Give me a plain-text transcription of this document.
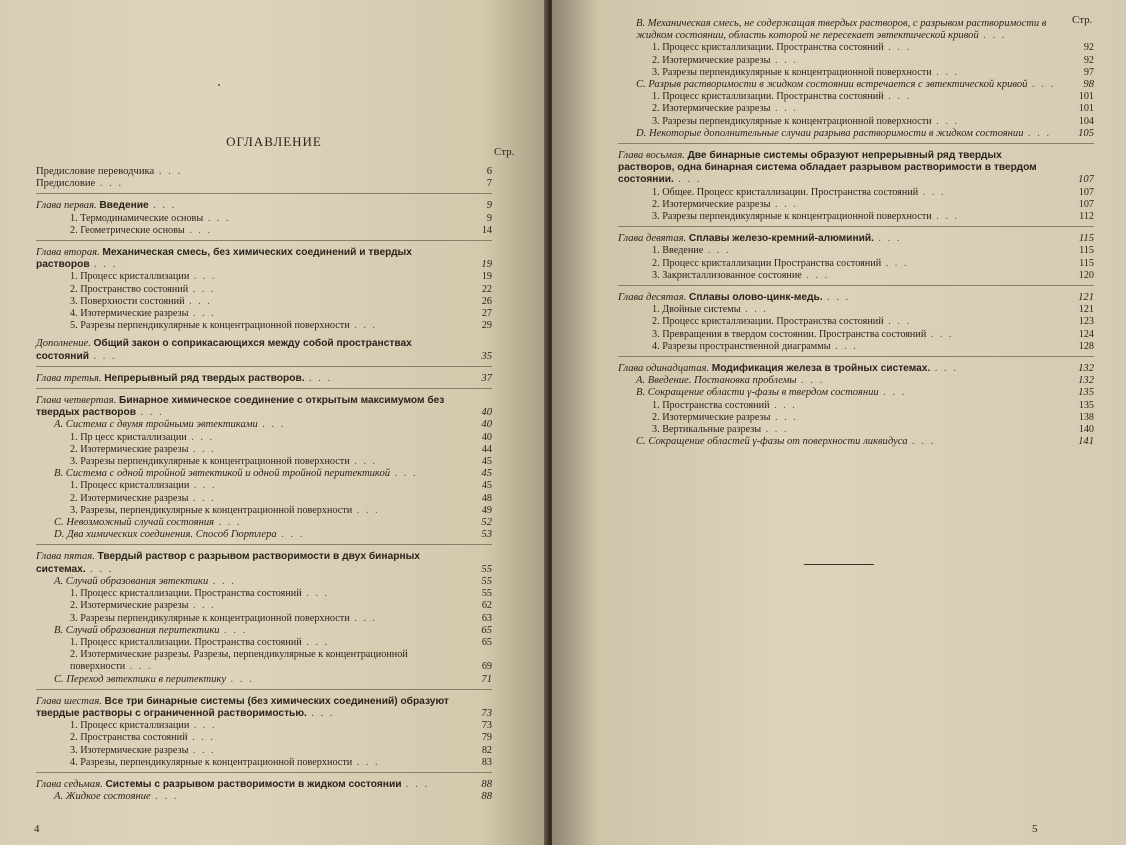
ОГЛАВЛЕНИЕ
Стр.
Предисловие переводчика . . .	6
Предисловие . . .	7
Глава первая. Введение . . .	9
1. Термодинамические основы . . .	9
2. Геометрические основы . . .	14
Глава вторая. Механическая смесь, без химических соединений и твердых растворов . . .	19
1. Процесс кристаллизации . . .	19
2. Пространство состояний . . .	22
3. Поверхности состояний . . .	26
4. Изотермические разрезы . . .	27
5. Разрезы перпендикулярные к концентрационной поверхности . . .	29
Дополнение. Общий закон о соприкасающихся между собой пространствах состояний . . .	35
Глава третья. Непрерывный ряд твердых растворов. . . .	37
Глава четвертая. Бинарное химическое соединение с открытым максимумом без твердых растворов . . .	40
А. Система с двумя тройными эвтектиками . . .	40
1. Пр цесс кристаллизации . . .	40
2. Изотермические разрезы . . .	44
3. Разрезы перпендикулярные к концентрационной поверхности . . .	45
В. Система с одной тройной эвтектикой и одной тройной перитектикой . . .	45
1. Процесс кристаллизации . . .	45
2. Изотермические разрезы . . .	48
3. Разрезы, перпендикулярные к концентрационной поверхности . . .	49
С. Невозможный случай состояния . . .	52
D. Два химических соединения. Способ Гюртлера . . .	53
Глава пятая. Твердый раствор с разрывом растворимости в двух бинарных системах. . . .	55
А. Случай образования эвтектики . . .	55
1. Процесс кристаллизации. Пространства состояний . . .	55
2. Изотермические разрезы . . .	62
3. Разрезы перпендикулярные к концентрационной поверхности . . .	63
В. Случай образования перитектики . . .	65
1. Процесс кристаллизации. Пространства состояний . . .	65
2. Изотермические разрезы. Разрезы, перпендикулярные к концентрационной поверхности . . .	69
С. Переход эвтектики в перитектику . . .	71
Глава шестая. Все три бинарные системы (без химических соединений) образуют твердые растворы с ограниченной растворимостью. . . .	73
1. Процесс кристаллизации . . .	73
2. Пространства состояний . . .	79
3. Изотермические разрезы . . .	82
4. Разрезы, перпендикулярные к концентрационной поверхности . . .	83
Глава седьмая. Системы с разрывом растворимости в жидком состоянии . . .	88
А. Жидкое состояние . . .	88
4
Стр.
В. Механическая смесь, не содержащая твердых растворов, с разрывом растворимости в жидком состоянии, область которой не пересекает эвтектической кривой . . .
1. Процесс кристаллизации. Пространства состояний . . .	92
2. Изотермические разрезы . . .	92
3. Разрезы перпендикулярные к концентрационной поверхности . . .	97
С. Разрыв растворимости в жидком состоянии встречается с эвтектической кривой . . .	98
1. Процесс кристаллизации. Пространства состояний . . .	101
2. Изотермические разрезы . . .	101
3. Разрезы перпендикулярные к концентрационной поверхности . . .	104
D. Некоторые дополнительные случаи разрыва растворимости в жидком состоянии . . .	105
Глава восьмая. Две бинарные системы образуют непрерывный ряд твердых растворов, одна бинарная система обладает разрывом растворимости в твердом состоянии. . . .	107
1. Общее. Процесс кристаллизации. Пространства состояний . . .	107
2. Изотермические разрезы . . .	107
3. Разрезы перпендикулярные к концентрационной поверхности . . .	112
Глава девятая. Сплавы железо-кремний-алюминий. . . .	115
1. Введение . . .	115
2. Процесс кристаллизации Пространства состояний . . .	115
3. Закристаллизованное состояние . . .	120
Глава десятая. Сплавы олово-цинк-медь. . . .	121
1. Двойные системы . . .	121
2. Процесс кристаллизации. Пространства состояний . . .	123
3. Превращения в твердом состоянии. Пространства состояний . . .	124
4. Разрезы пространственной диаграммы . . .	128
Глава одинадцатая. Модификация железа в тройных системах. . . .	132
А. Введение. Постановка проблемы . . .	132
В. Сокращение области γ-фазы в твердом состоянии . . .	135
1. Пространства состояний . . .	135
2. Изотермические разрезы . . .	138
3. Вертикальные разрезы . . .	140
С. Сокращение областей γ-фазы от поверхности ликвидуса . . .	141
5
